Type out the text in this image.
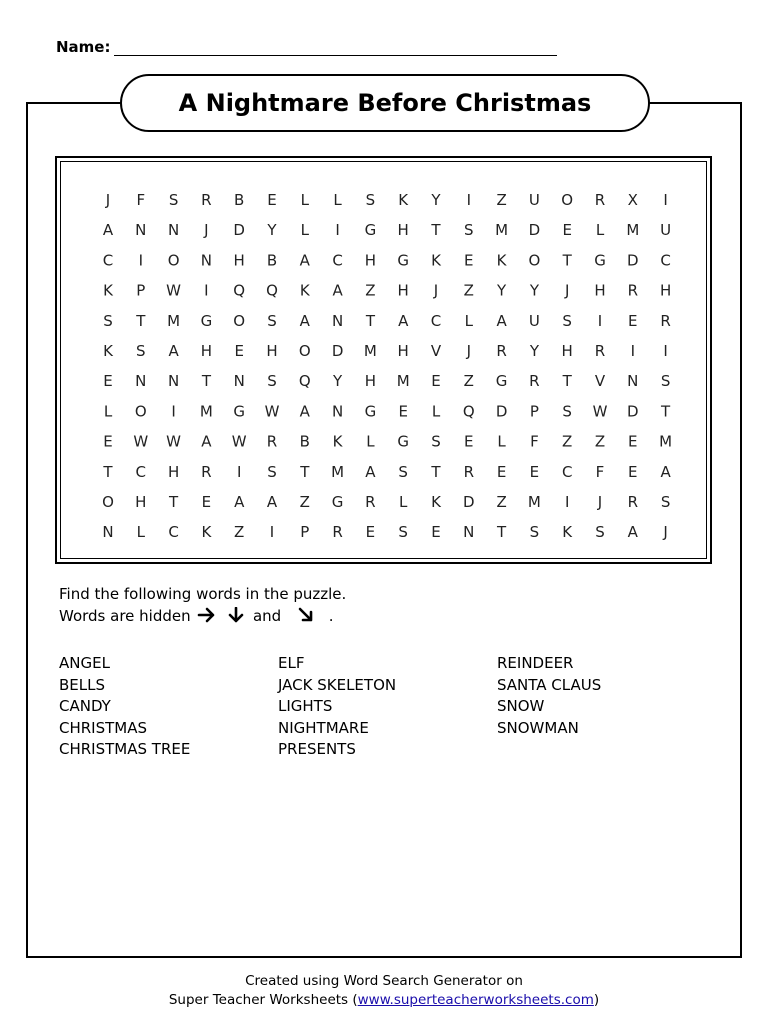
Name:
A Nightmare Before Christmas
J F S R B E L L S K Y I Z U O R X I
A N N J D Y L I G H T S M D E L M U
C I O N H B A C H G K E K O T G D C
K P W I Q Q K A Z H J Z Y Y J H R H
S T M G O S A N T A C L A U S I E R
K S A H E H O D M H V J R Y H R I I
E N N T N S Q Y H M E Z G R T V N S
L O I M G W A N G E L Q D P S W D T
E W W A W R B K L G S E L F Z Z E M
T C H R I S T M A S T R E E C F E A
O H T E A A Z G R L K D Z M I J R S
N L C K Z I P R E S E N T S K S A J
Find the following words in the puzzle.
Words are hidden	and	.
ANGEL
BELLS
CANDY
CHRISTMAS
CHRISTMAS TREE
ELF
JACK SKELETON
LIGHTS
NIGHTMARE
PRESENTS
REINDEER
SANTA CLAUS
SNOW
SNOWMAN
Created using Word Search Generator on
Super Teacher Worksheets (www.superteacherworksheets.com)
